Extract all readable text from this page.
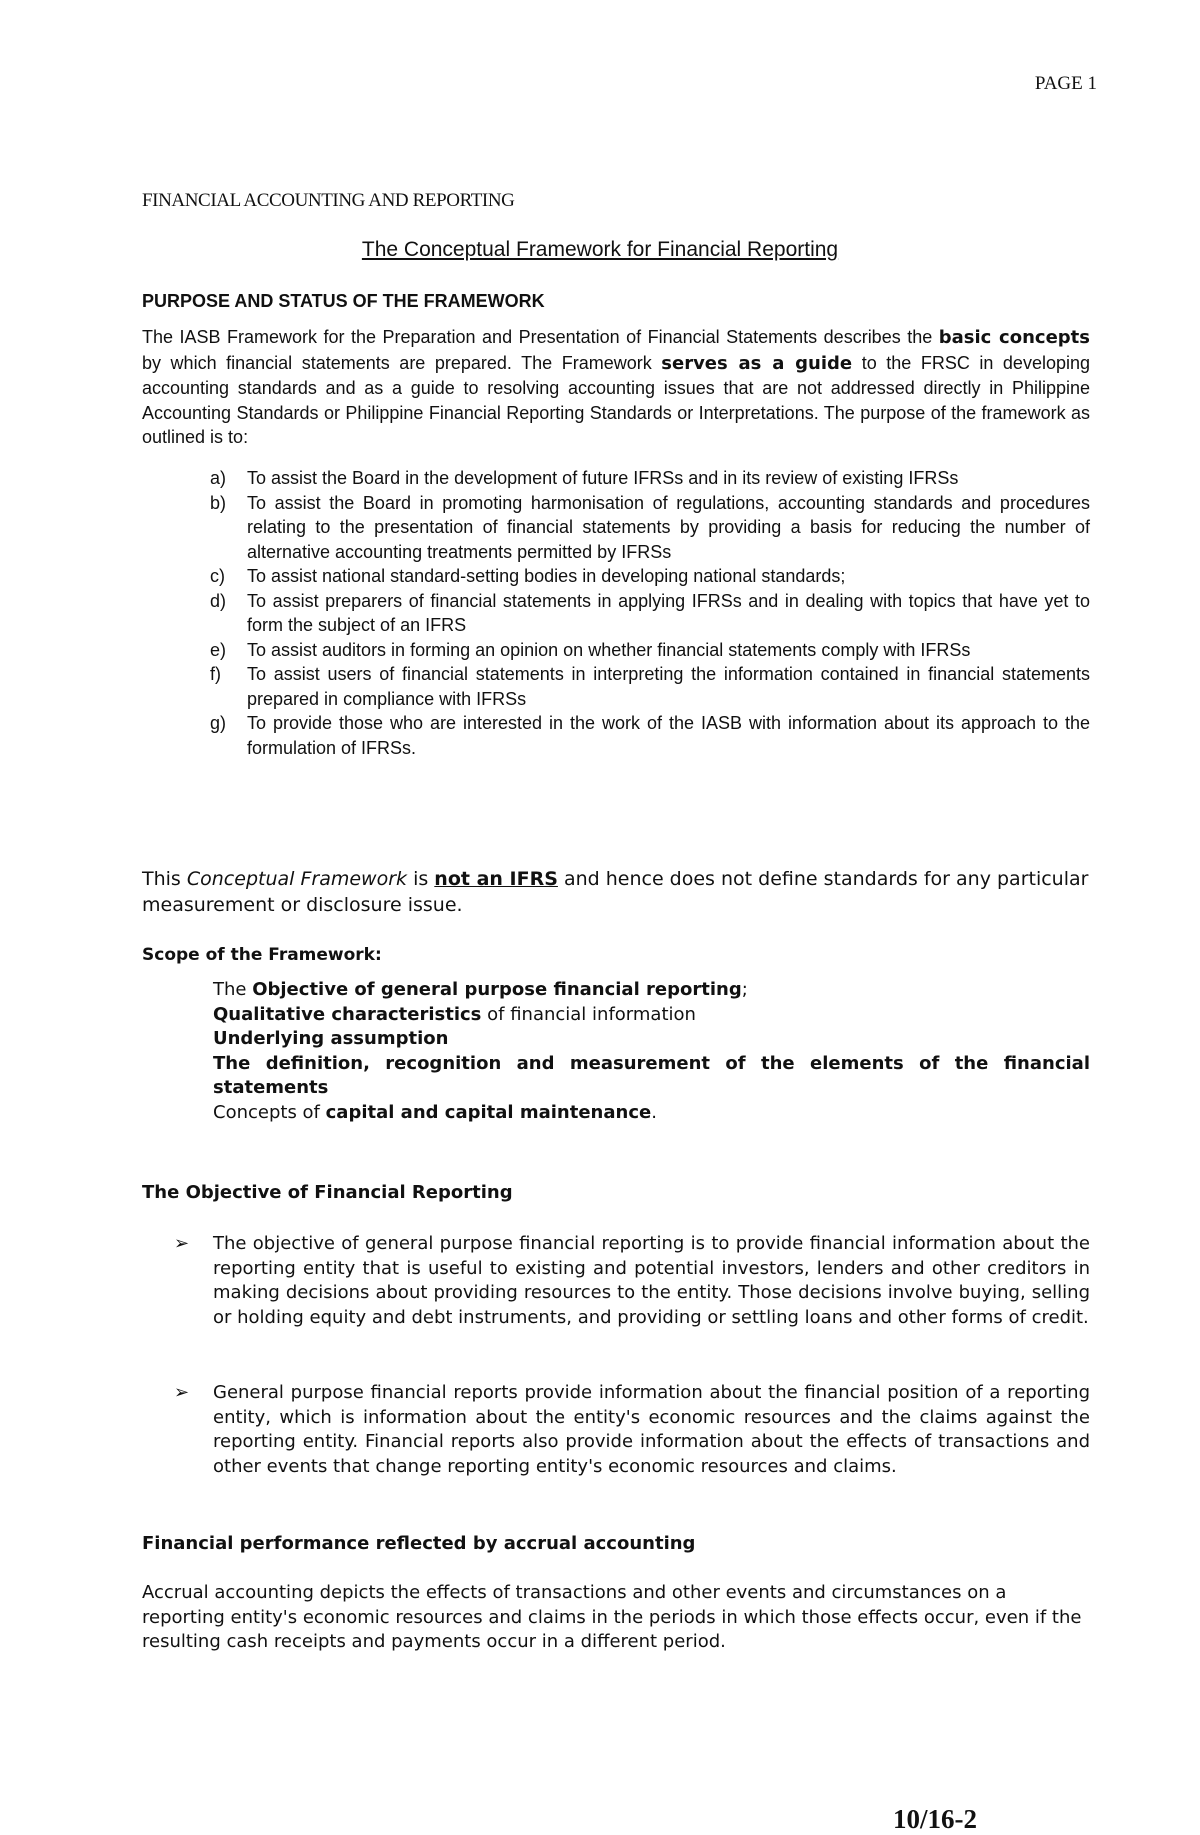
PAGE 1
FINANCIAL ACCOUNTING AND REPORTING
The Conceptual Framework for Financial Reporting
PURPOSE AND STATUS OF THE FRAMEWORK
The IASB Framework for the Preparation and Presentation of Financial Statements describes the basic concepts by which financial statements are prepared. The Framework serves as a guide to the FRSC in developing accounting standards and as a guide to resolving accounting issues that are not addressed directly in Philippine Accounting Standards or Philippine Financial Reporting Standards or Interpretations. The purpose of the framework as outlined is to:
a) To assist the Board in the development of future IFRSs and in its review of existing IFRSs
b) To assist the Board in promoting harmonisation of regulations, accounting standards and procedures relating to the presentation of financial statements by providing a basis for reducing the number of alternative accounting treatments permitted by IFRSs
c) To assist national standard-setting bodies in developing national standards;
d) To assist preparers of financial statements in applying IFRSs and in dealing with topics that have yet to form the subject of an IFRS
e) To assist auditors in forming an opinion on whether financial statements comply with IFRSs
f) To assist users of financial statements in interpreting the information contained in financial statements prepared in compliance with IFRSs
g) To provide those who are interested in the work of the IASB with information about its approach to the formulation of IFRSs.
This Conceptual Framework is not an IFRS and hence does not define standards for any particular measurement or disclosure issue.
Scope of the Framework:
The Objective of general purpose financial reporting;
Qualitative characteristics of financial information
Underlying assumption
The definition, recognition and measurement of the elements of the financial statements
Concepts of capital and capital maintenance.
The Objective of Financial Reporting
➢ The objective of general purpose financial reporting is to provide financial information about the reporting entity that is useful to existing and potential investors, lenders and other creditors in making decisions about providing resources to the entity. Those decisions involve buying, selling or holding equity and debt instruments, and providing or settling loans and other forms of credit.
➢ General purpose financial reports provide information about the financial position of a reporting entity, which is information about the entity's economic resources and the claims against the reporting entity. Financial reports also provide information about the effects of transactions and other events that change reporting entity's economic resources and claims.
Financial performance reflected by accrual accounting
Accrual accounting depicts the effects of transactions and other events and circumstances on a reporting entity's economic resources and claims in the periods in which those effects occur, even if the resulting cash receipts and payments occur in a different period.
10/16-2
